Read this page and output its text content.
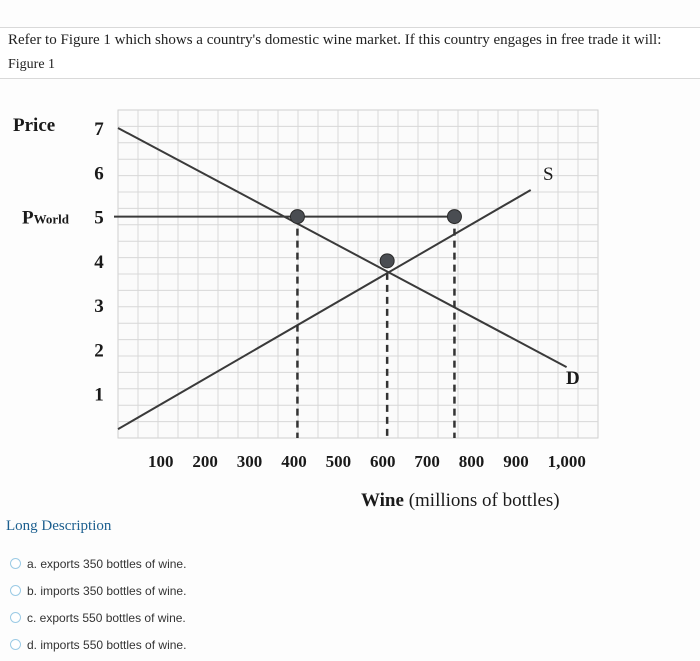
Refer to Figure 1 which shows a country's domestic wine market. If this country engages in free trade it will:
Figure 1
Price
1
2
3
4
5
6
7
PWorld
100 200 300 400 500 600 700 800 900 1,000
Wine (millions of bottles)
S
D
Long Description
a. exports 350 bottles of wine.
b. imports 350 bottles of wine.
c. exports 550 bottles of wine.
d. imports 550 bottles of wine.
